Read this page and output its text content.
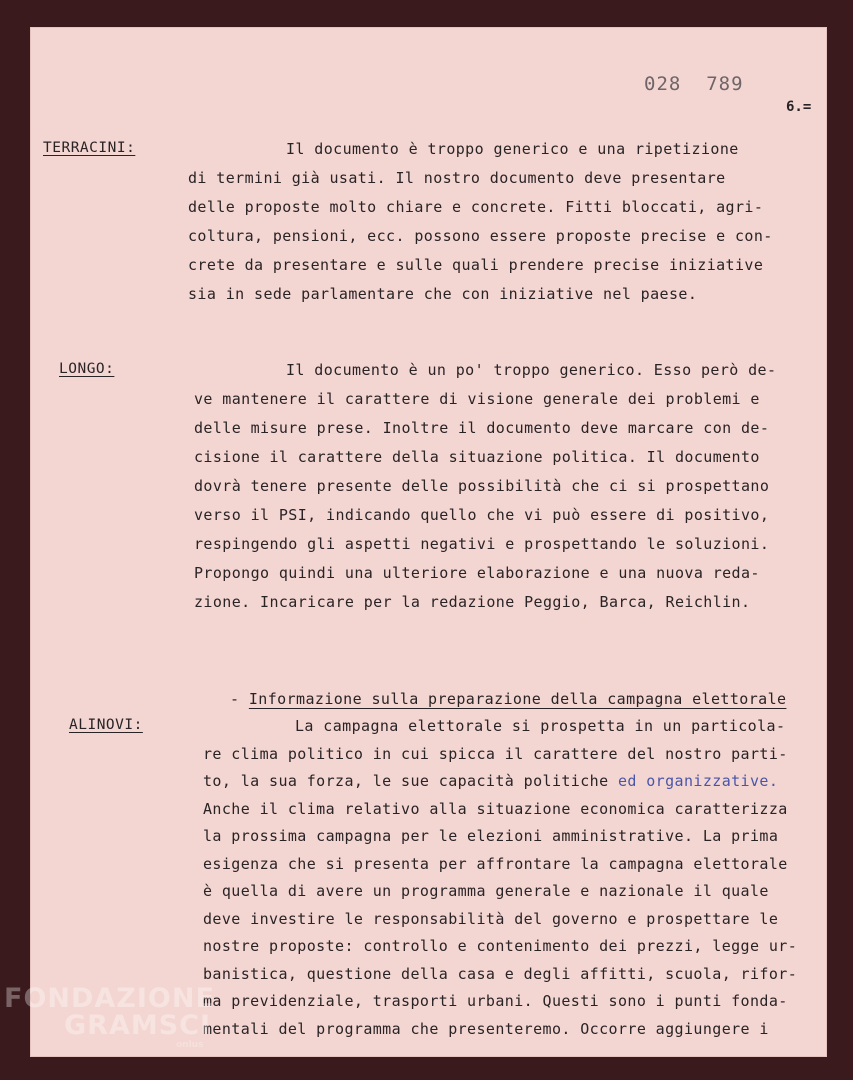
028  789
6.=
TERRACINI:	Il documento è troppo generico e una ripetizione
di termini già usati. Il nostro documento deve presentare
delle proposte molto chiare e concrete. Fitti bloccati, agri-
coltura, pensioni, ecc. possono essere proposte precise e con-
crete da presentare e sulle quali prendere precise iniziative
sia in sede parlamentare che con iniziative nel paese.
LONGO:	Il documento è un po' troppo generico. Esso però de-
ve mantenere il carattere di visione generale dei problemi e
delle misure prese. Inoltre il documento deve marcare con de-
cisione il carattere della situazione politica. Il documento
dovrà tenere presente delle possibilità che ci si prospettano
verso il PSI, indicando quello che vi può essere di positivo,
respingendo gli aspetti negativi e prospettando le soluzioni.
Propongo quindi una ulteriore elaborazione e una nuova reda-
zione. Incaricare per la redazione Peggio, Barca, Reichlin.
- Informazione sulla preparazione della campagna elettorale
ALINOVI:	La campagna elettorale si prospetta in un particola-
re clima politico in cui spicca il carattere del nostro parti-
to, la sua forza, le sue capacità politiche ed organizzative.
Anche il clima relativo alla situazione economica caratterizza
la prossima campagna per le elezioni amministrative. La prima
esigenza che si presenta per affrontare la campagna elettorale
è quella di avere un programma generale e nazionale il quale
deve investire le responsabilità del governo e prospettare le
nostre proposte: controllo e contenimento dei prezzi, legge ur-
banistica, questione della casa e degli affitti, scuola, rifor-
ma previdenziale, trasporti urbani. Questi sono i punti fonda-
mentali del programma che presenteremo. Occorre aggiungere i
FONDAZIONE
GRAMSCI
onlus
